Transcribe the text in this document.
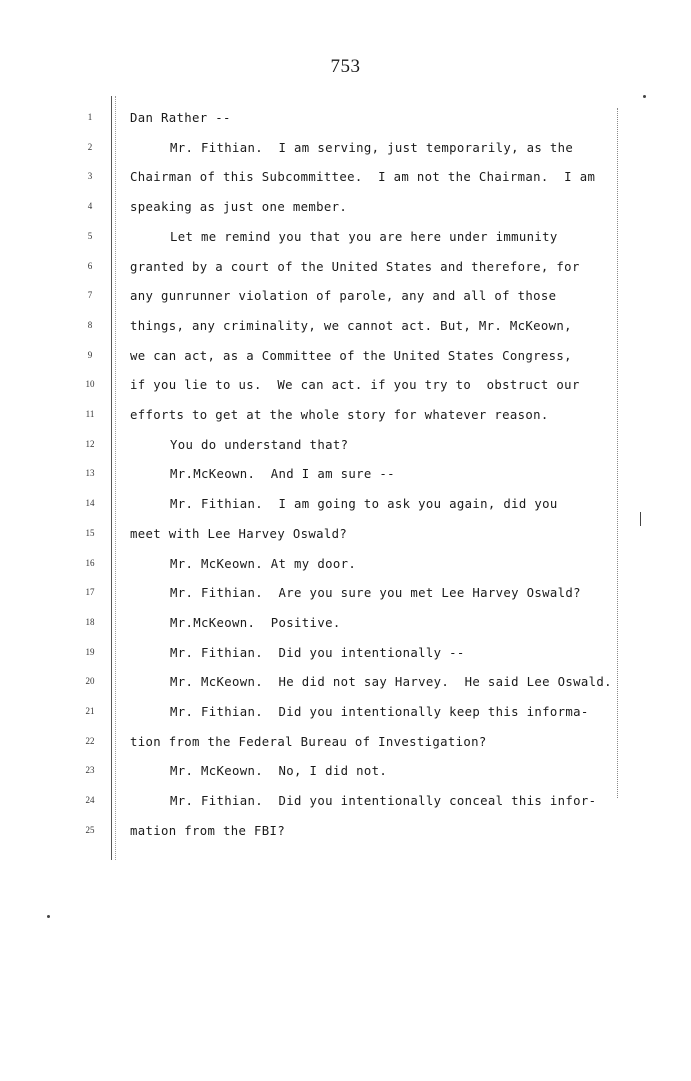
753
1	Dan Rather --
2	Mr. Fithian.  I am serving, just temporarily, as the
3	Chairman of this Subcommittee.  I am not the Chairman.  I am
4	speaking as just one member.
5	Let me remind you that you are here under immunity
6	granted by a court of the United States and therefore, for
7	any gunrunner violation of parole, any and all of those
8	things, any criminality, we cannot act. But, Mr. McKeown,
9	we can act, as a Committee of the United States Congress,
10	if you lie to us.  We can act. if you try to  obstruct our
11	efforts to get at the whole story for whatever reason.
12	You do understand that?
13	Mr.McKeown.  And I am sure --
14	Mr. Fithian.  I am going to ask you again, did you
15	meet with Lee Harvey Oswald?
16	Mr. McKeown. At my door.
17	Mr. Fithian.  Are you sure you met Lee Harvey Oswald?
18	Mr.McKeown.  Positive.
19	Mr. Fithian.  Did you intentionally --
20	Mr. McKeown.  He did not say Harvey.  He said Lee Oswald.
21	Mr. Fithian.  Did you intentionally keep this informa-
22	tion from the Federal Bureau of Investigation?
23	Mr. McKeown.  No, I did not.
24	Mr. Fithian.  Did you intentionally conceal this infor-
25	mation from the FBI?
